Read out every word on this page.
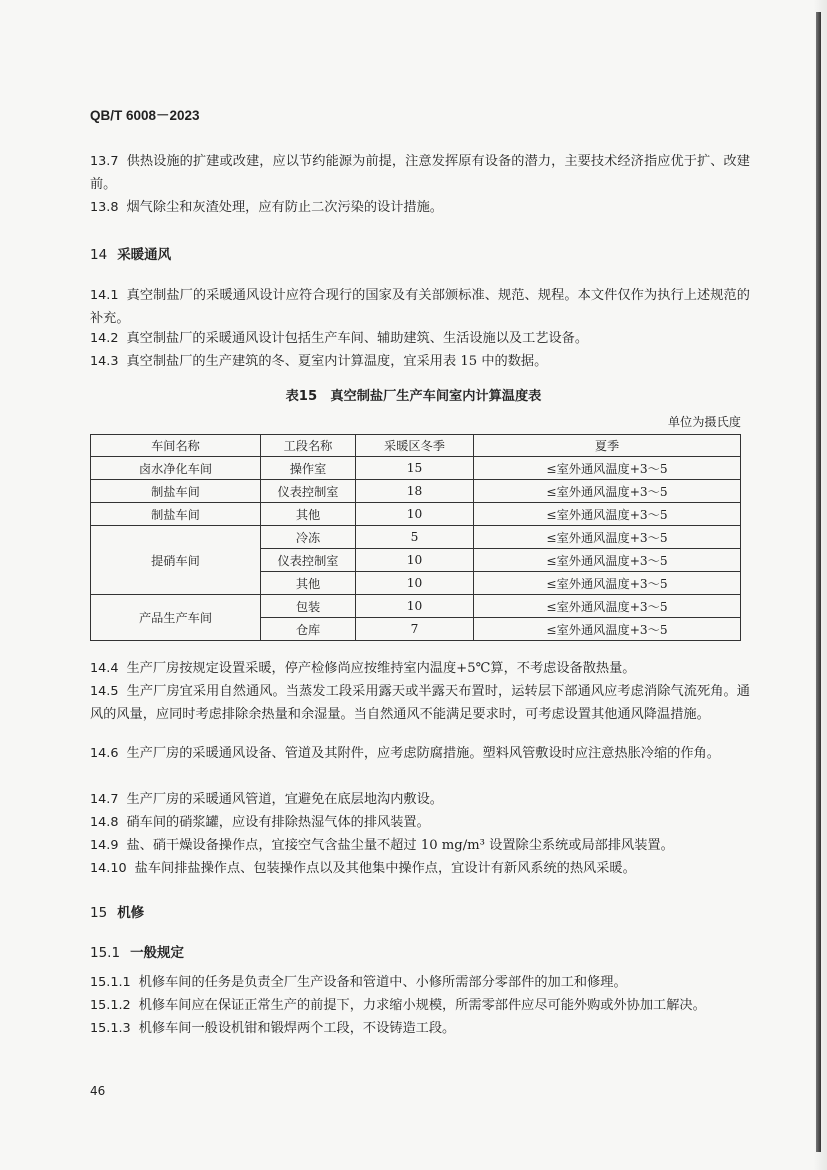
QB/T 6008－2023
13.7 供热设施的扩建或改建，应以节约能源为前提，注意发挥原有设备的潜力，主要技术经济指应优于扩、改建前。
13.8 烟气除尘和灰渣处理，应有防止二次污染的设计措施。
14 采暖通风
14.1 真空制盐厂的采暖通风设计应符合现行的国家及有关部颁标准、规范、规程。本文件仅作为执行上述规范的补充。
14.2 真空制盐厂的采暖通风设计包括生产车间、辅助建筑、生活设施以及工艺设备。
14.3 真空制盐厂的生产建筑的冬、夏室内计算温度，宜采用表 15 中的数据。
表15　真空制盐厂生产车间室内计算温度表
单位为摄氏度
车间名称	工段名称	采暖区冬季	夏季
卤水净化车间	操作室	15	≤室外通风温度+3～5
制盐车间	仪表控制室	18	≤室外通风温度+3～5
制盐车间	其他	10	≤室外通风温度+3～5
提硝车间	冷冻	5	≤室外通风温度+3～5
	仪表控制室	10	≤室外通风温度+3～5
	其他	10	≤室外通风温度+3～5
产品生产车间	包装	10	≤室外通风温度+3～5
	仓库	7	≤室外通风温度+3～5
14.4 生产厂房按规定设置采暖，停产检修尚应按维持室内温度+5℃算，不考虑设备散热量。
14.5 生产厂房宜采用自然通风。当蒸发工段采用露天或半露天布置时，运转层下部通风应考虑消除气流死角。通风的风量，应同时考虑排除余热量和余湿量。当自然通风不能满足要求时，可考虑设置其他通风降温措施。
14.6 生产厂房的采暖通风设备、管道及其附件，应考虑防腐措施。塑料风管敷设时应注意热胀冷缩的作角。
14.7 生产厂房的采暖通风管道，宜避免在底层地沟内敷设。
14.8 硝车间的硝浆罐，应设有排除热湿气体的排风装置。
14.9 盐、硝干燥设备操作点，宜接空气含盐尘量不超过 10 mg/m³ 设置除尘系统或局部排风装置。
14.10 盐车间排盐操作点、包装操作点以及其他集中操作点，宜设计有新风系统的热风采暖。
15 机修
15.1 一般规定
15.1.1 机修车间的任务是负责全厂生产设备和管道中、小修所需部分零部件的加工和修理。
15.1.2 机修车间应在保证正常生产的前提下，力求缩小规模，所需零部件应尽可能外购或外协加工解决。
15.1.3 机修车间一般设机钳和锻焊两个工段，不设铸造工段。
46
